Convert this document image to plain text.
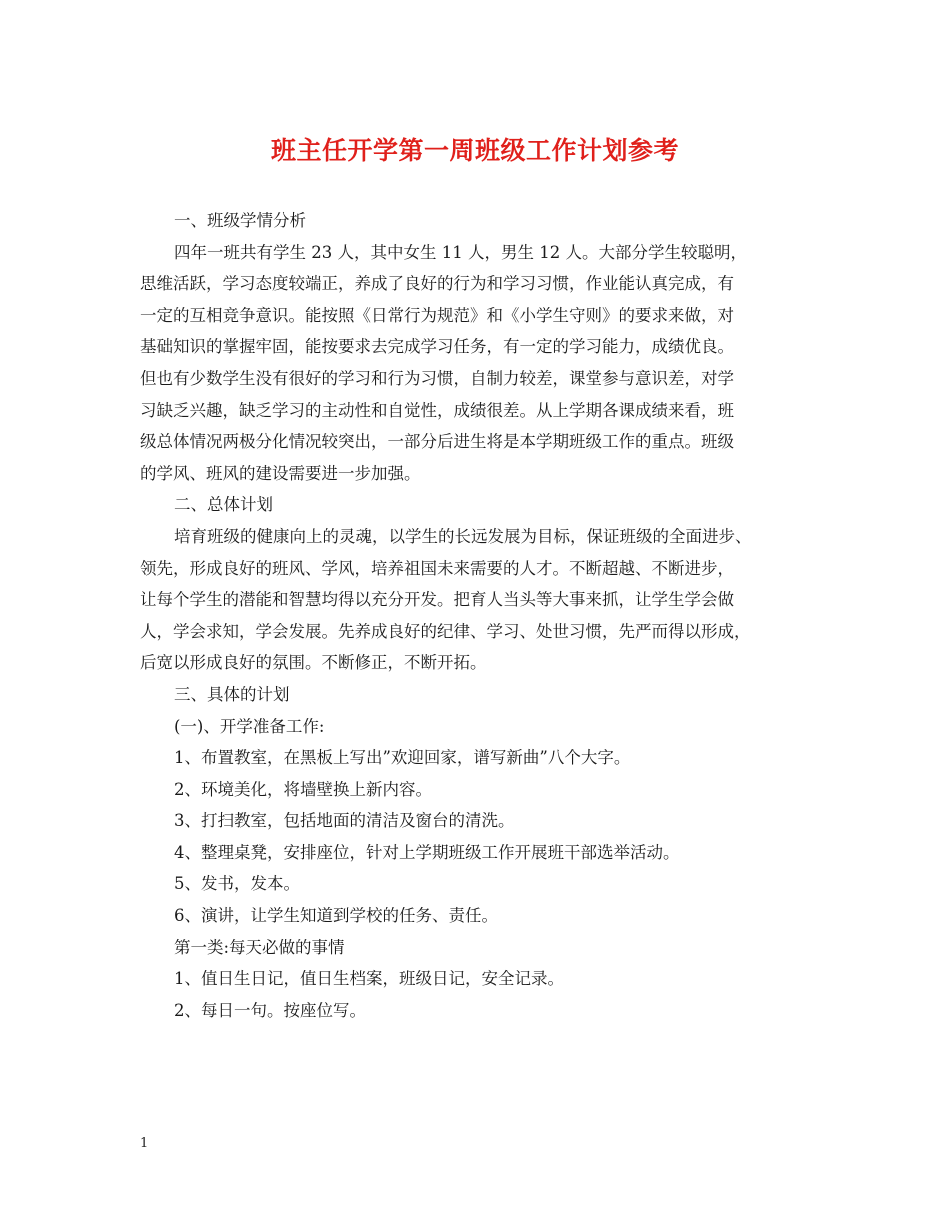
班主任开学第一周班级工作计划参考
一、班级学情分析
四年一班共有学生 23 人，其中女生 11 人，男生 12 人。大部分学生较聪明，
思维活跃，学习态度较端正，养成了良好的行为和学习习惯，作业能认真完成，有
一定的互相竞争意识。能按照《日常行为规范》和《小学生守则》的要求来做，对
基础知识的掌握牢固，能按要求去完成学习任务，有一定的学习能力，成绩优良。
但也有少数学生没有很好的学习和行为习惯，自制力较差，课堂参与意识差，对学
习缺乏兴趣，缺乏学习的主动性和自觉性，成绩很差。从上学期各课成绩来看，班
级总体情况两极分化情况较突出，一部分后进生将是本学期班级工作的重点。班级
的学风、班风的建设需要进一步加强。
二、总体计划
培育班级的健康向上的灵魂，以学生的长远发展为目标，保证班级的全面进步、
领先，形成良好的班风、学风，培养祖国未来需要的人才。不断超越、不断进步，
让每个学生的潜能和智慧均得以充分开发。把育人当头等大事来抓，让学生学会做
人，学会求知，学会发展。先养成良好的纪律、学习、处世习惯，先严而得以形成，
后宽以形成良好的氛围。不断修正，不断开拓。
三、具体的计划
(一)、开学准备工作:
1、布置教室，在黑板上写出”欢迎回家，谱写新曲”八个大字。
2、环境美化，将墙壁换上新内容。
3、打扫教室，包括地面的清洁及窗台的清洗。
4、整理桌凳，安排座位，针对上学期班级工作开展班干部选举活动。
5、发书，发本。
6、演讲，让学生知道到学校的任务、责任。
第一类:每天必做的事情
1、值日生日记，值日生档案，班级日记，安全记录。
2、每日一句。按座位写。
1
